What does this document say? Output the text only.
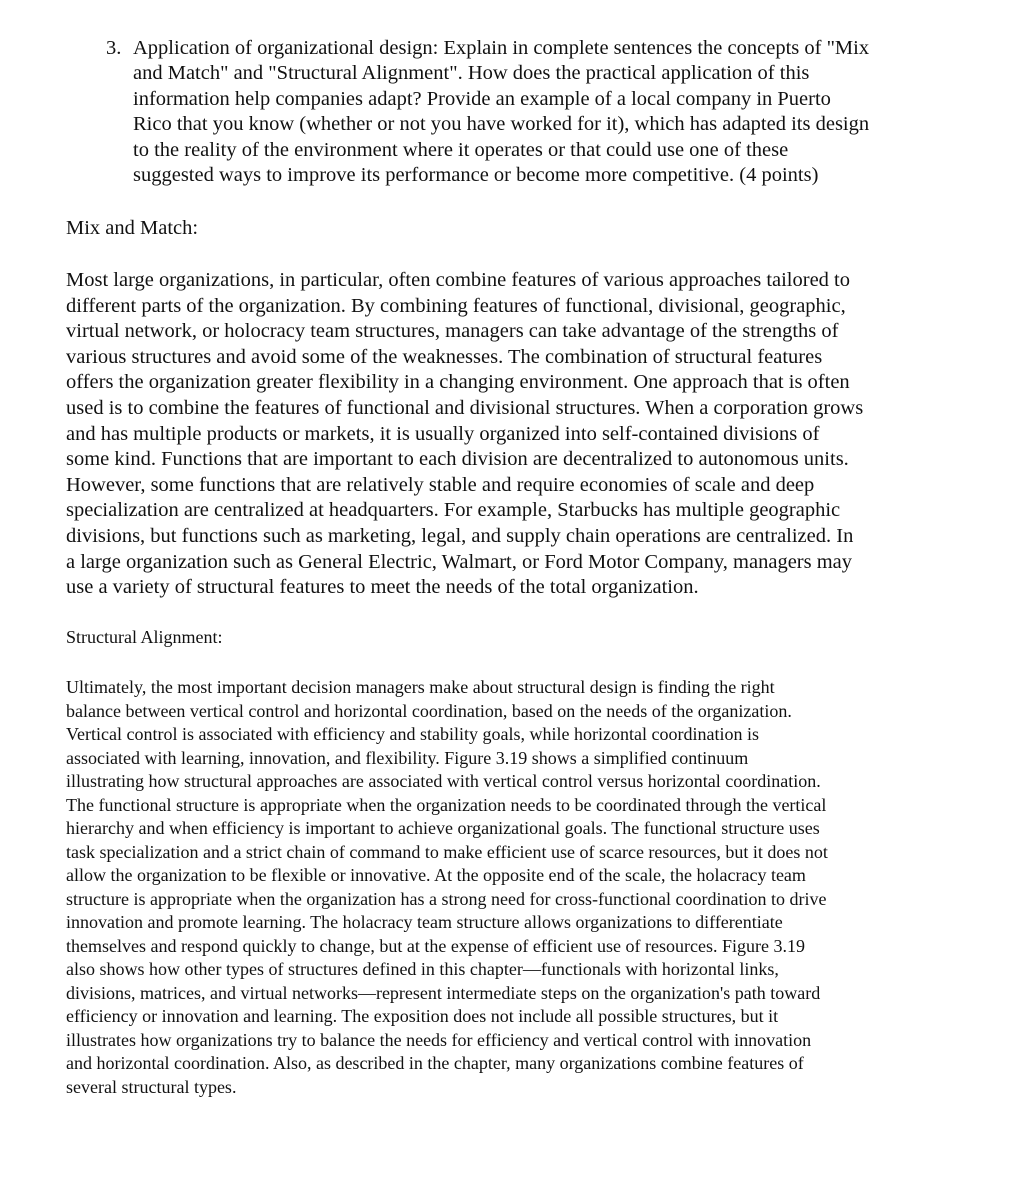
3. Application of organizational design: Explain in complete sentences the concepts of "Mix
and Match" and "Structural Alignment". How does the practical application of this
information help companies adapt? Provide an example of a local company in Puerto
Rico that you know (whether or not you have worked for it), which has adapted its design
to the reality of the environment where it operates or that could use one of these
suggested ways to improve its performance or become more competitive. (4 points)
Mix and Match:
Most large organizations, in particular, often combine features of various approaches tailored to
different parts of the organization. By combining features of functional, divisional, geographic,
virtual network, or holocracy team structures, managers can take advantage of the strengths of
various structures and avoid some of the weaknesses. The combination of structural features
offers the organization greater flexibility in a changing environment. One approach that is often
used is to combine the features of functional and divisional structures. When a corporation grows
and has multiple products or markets, it is usually organized into self-contained divisions of
some kind. Functions that are important to each division are decentralized to autonomous units.
However, some functions that are relatively stable and require economies of scale and deep
specialization are centralized at headquarters. For example, Starbucks has multiple geographic
divisions, but functions such as marketing, legal, and supply chain operations are centralized. In
a large organization such as General Electric, Walmart, or Ford Motor Company, managers may
use a variety of structural features to meet the needs of the total organization.
Structural Alignment:
Ultimately, the most important decision managers make about structural design is finding the right
balance between vertical control and horizontal coordination, based on the needs of the organization.
Vertical control is associated with efficiency and stability goals, while horizontal coordination is
associated with learning, innovation, and flexibility. Figure 3.19 shows a simplified continuum
illustrating how structural approaches are associated with vertical control versus horizontal coordination.
The functional structure is appropriate when the organization needs to be coordinated through the vertical
hierarchy and when efficiency is important to achieve organizational goals. The functional structure uses
task specialization and a strict chain of command to make efficient use of scarce resources, but it does not
allow the organization to be flexible or innovative. At the opposite end of the scale, the holacracy team
structure is appropriate when the organization has a strong need for cross-functional coordination to drive
innovation and promote learning. The holacracy team structure allows organizations to differentiate
themselves and respond quickly to change, but at the expense of efficient use of resources. Figure 3.19
also shows how other types of structures defined in this chapter—functionals with horizontal links,
divisions, matrices, and virtual networks—represent intermediate steps on the organization's path toward
efficiency or innovation and learning. The exposition does not include all possible structures, but it
illustrates how organizations try to balance the needs for efficiency and vertical control with innovation
and horizontal coordination. Also, as described in the chapter, many organizations combine features of
several structural types.
